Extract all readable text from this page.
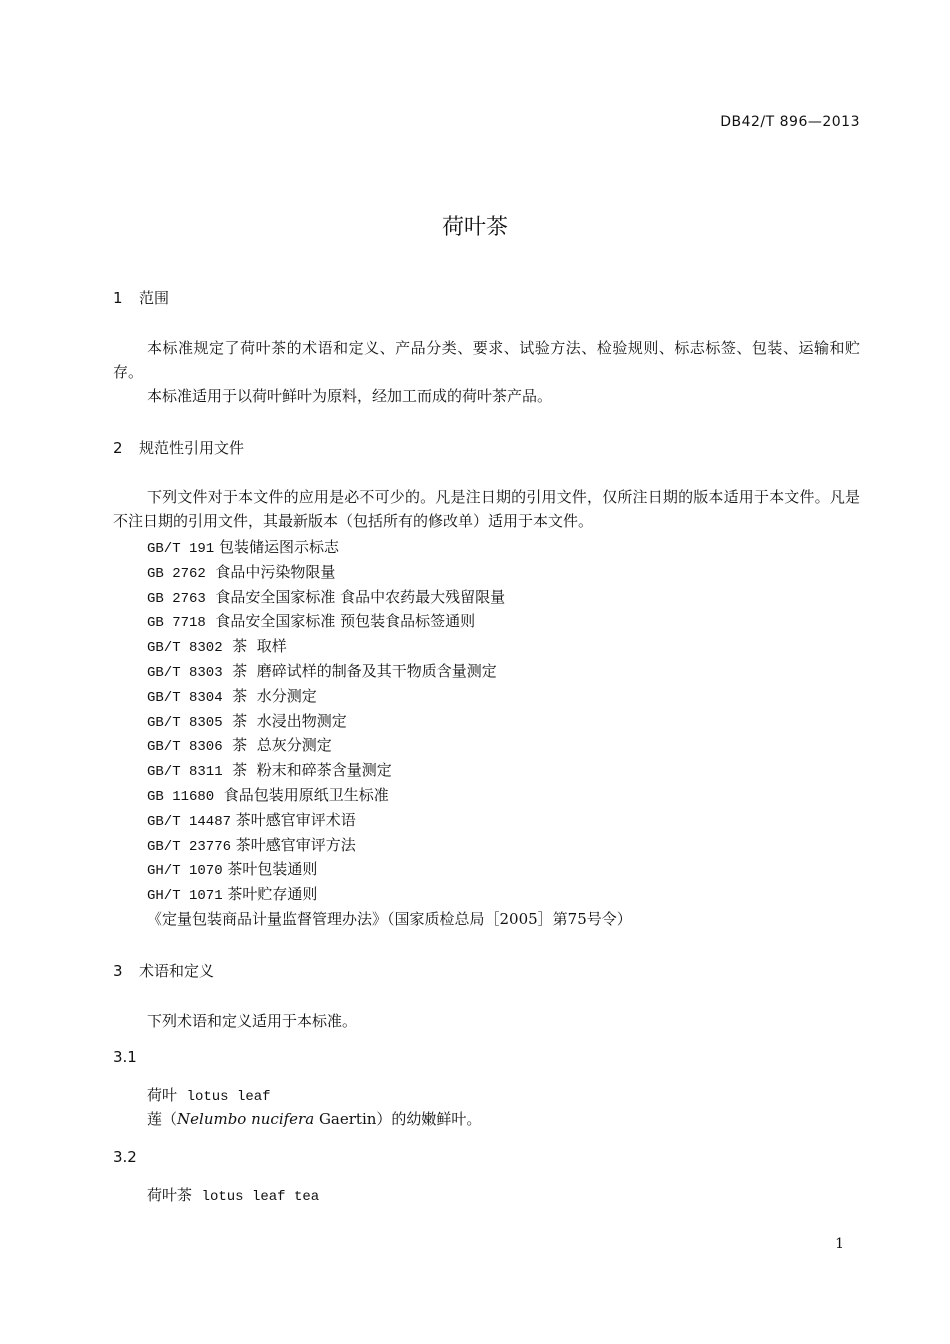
DB42/T 896—2013
荷叶茶
1 范围
本标准规定了荷叶茶的术语和定义、产品分类、要求、试验方法、检验规则、标志标签、包装、运输和贮存。
本标准适用于以荷叶鲜叶为原料，经加工而成的荷叶茶产品。
2 规范性引用文件
下列文件对于本文件的应用是必不可少的。凡是注日期的引用文件，仅所注日期的版本适用于本文件。凡是不注日期的引用文件，其最新版本（包括所有的修改单）适用于本文件。
GB/T 191 包装储运图示标志
GB 2762  食品中污染物限量
GB 2763  食品安全国家标准 食品中农药最大残留限量
GB 7718  食品安全国家标准 预包装食品标签通则
GB/T 8302  茶  取样
GB/T 8303  茶  磨碎试样的制备及其干物质含量测定
GB/T 8304  茶  水分测定
GB/T 8305  茶  水浸出物测定
GB/T 8306  茶  总灰分测定
GB/T 8311  茶  粉末和碎茶含量测定
GB 11680  食品包装用原纸卫生标准
GB/T 14487 茶叶感官审评术语
GB/T 23776 茶叶感官审评方法
GH/T 1070 茶叶包装通则
GH/T 1071 茶叶贮存通则
《定量包装商品计量监督管理办法》（国家质检总局［2005］第75号令）
3 术语和定义
下列术语和定义适用于本标准。
3.1
荷叶 lotus leaf
莲（Nelumbo nucifera Gaertin）的幼嫩鲜叶。
3.2
荷叶茶 lotus leaf tea
1
